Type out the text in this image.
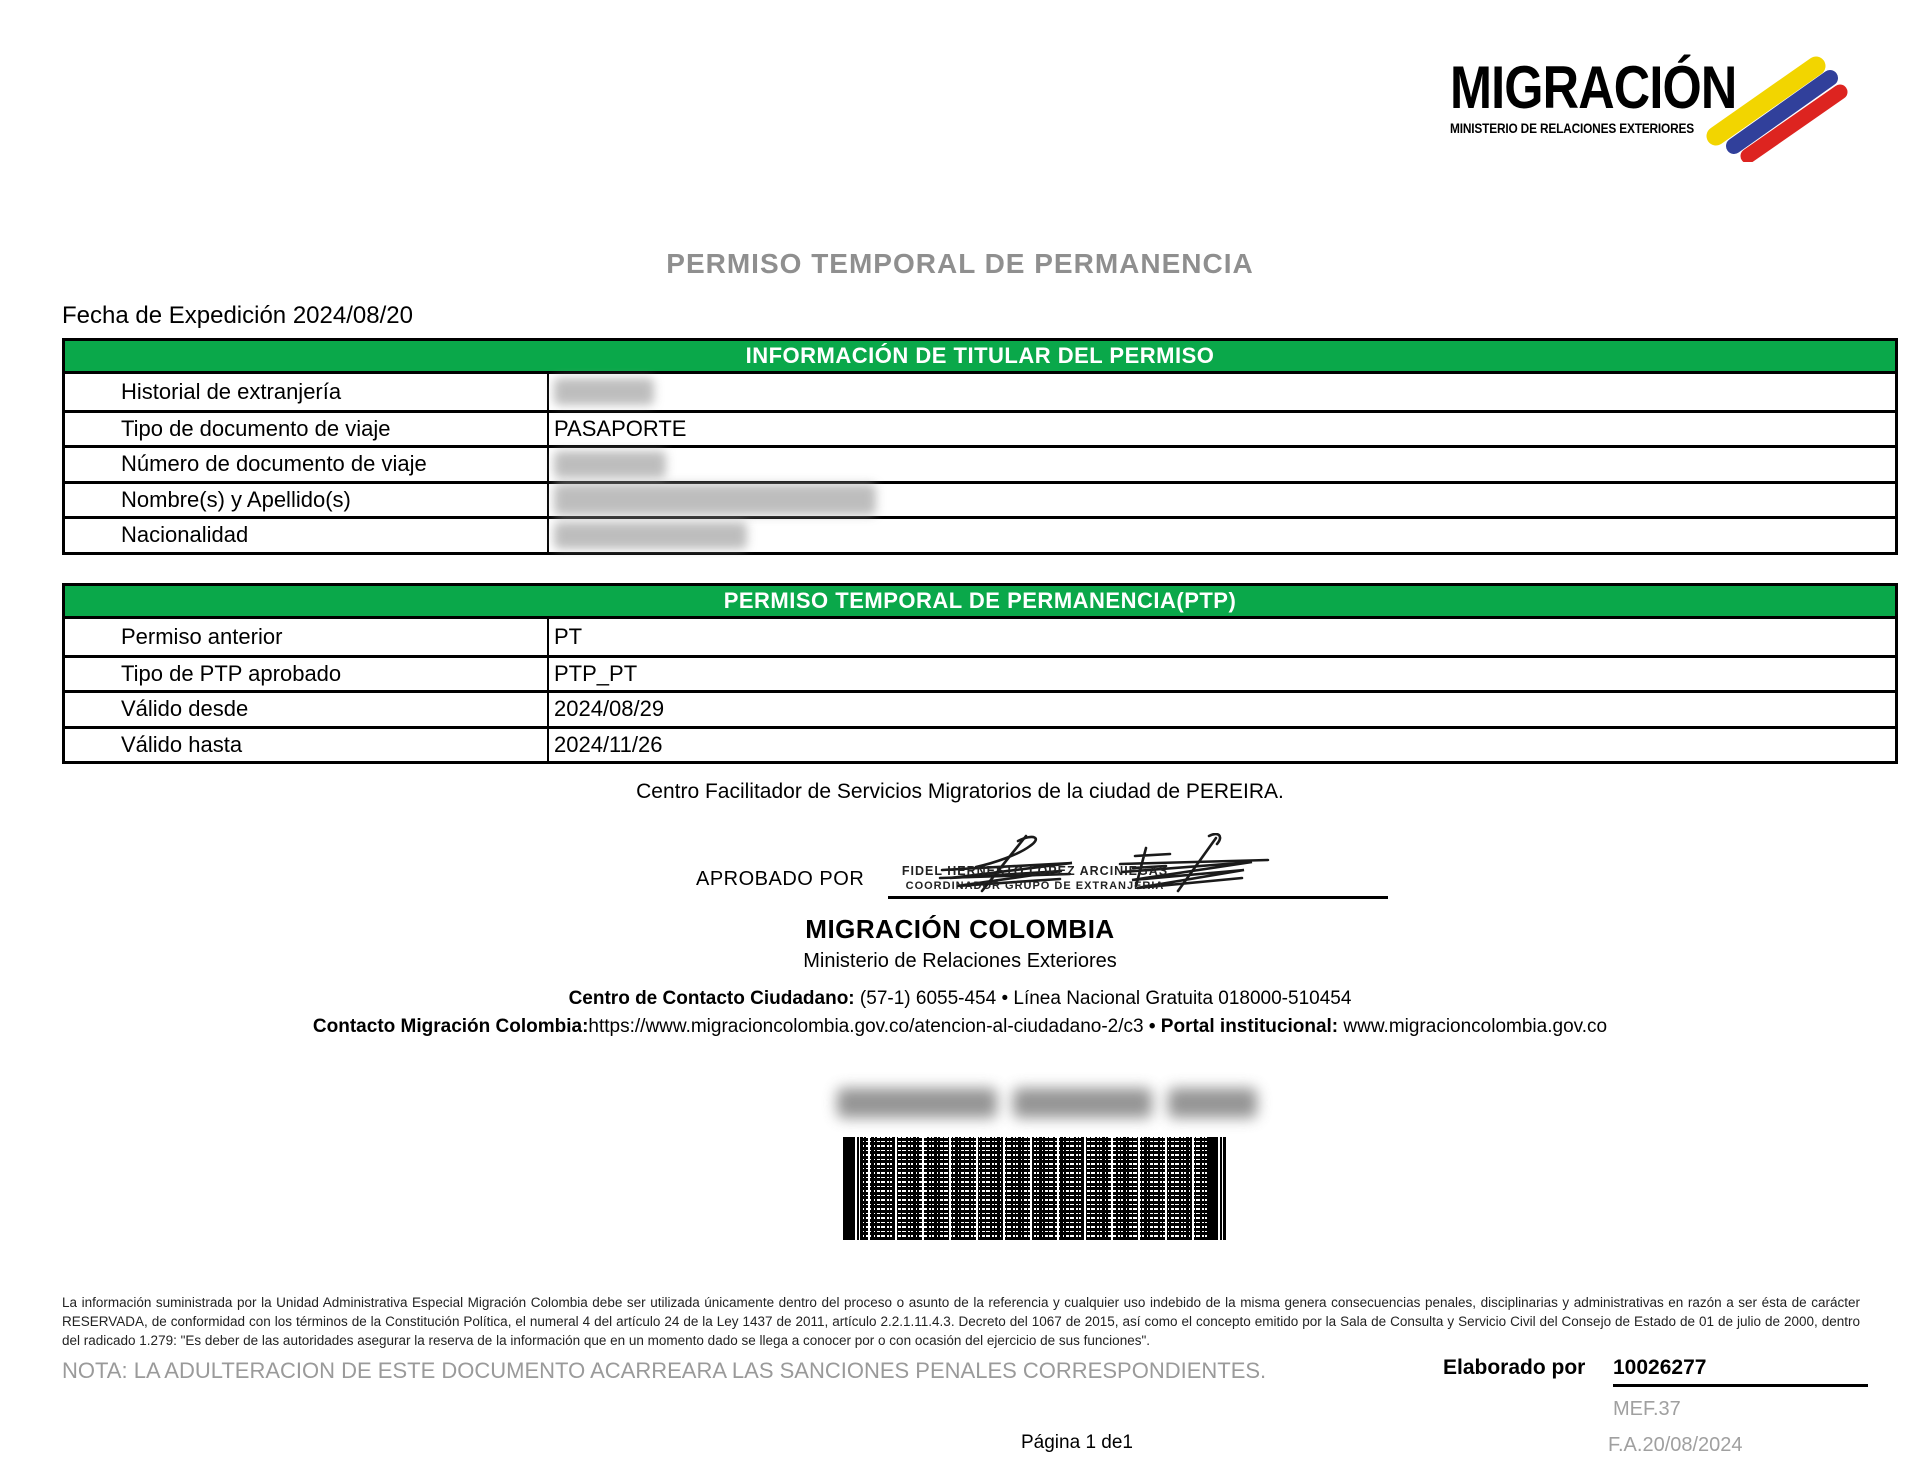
MIGRACIÓN
MINISTERIO DE RELACIONES EXTERIORES
PERMISO TEMPORAL DE PERMANENCIA
Fecha de Expedición 2024/08/20
INFORMACIÓN DE TITULAR DEL PERMISO
Historial de extranjería
Tipo de documento de viaje	PASAPORTE
Número de documento de viaje
Nombre(s) y Apellido(s)
Nacionalidad
PERMISO TEMPORAL DE PERMANENCIA(PTP)
Permiso anterior	PT
Tipo de PTP aprobado	PTP_PT
Válido desde	2024/08/29
Válido hasta	2024/11/26
Centro Facilitador de Servicios Migratorios de la ciudad de PEREIRA.
APROBADO POR	FIDEL HERNESTO LOPEZ ARCINIEGAS
COORDINADOR GRUPO DE EXTRANJERIA
MIGRACIÓN COLOMBIA
Ministerio de Relaciones Exteriores
Centro de Contacto Ciudadano: (57-1) 6055-454 • Línea Nacional Gratuita 018000-510454
Contacto Migración Colombia:https://www.migracioncolombia.gov.co/atencion-al-ciudadano-2/c3 • Portal institucional: www.migracioncolombia.gov.co
La información suministrada por la Unidad Administrativa Especial Migración Colombia debe ser utilizada únicamente dentro del proceso o asunto de la referencia y cualquier uso indebido de la misma genera consecuencias penales, disciplinarias y administrativas en razón a ser ésta de carácter RESERVADA, de conformidad con los términos de la Constitución Política, el numeral 4 del artículo 24 de la Ley 1437 de 2011, artículo 2.2.1.11.4.3. Decreto del 1067 de 2015, así como el concepto emitido por la Sala de Consulta y Servicio Civil del Consejo de Estado de 01 de julio de 2000, dentro del radicado 1.279: "Es deber de las autoridades asegurar la reserva de la información que en un momento dado se llega a conocer por o con ocasión del ejercicio de sus funciones".
NOTA: LA ADULTERACION DE ESTE DOCUMENTO ACARREARA LAS SANCIONES PENALES CORRESPONDIENTES.	Elaborado por 10026277
MEF.37
F.A.20/08/2024
Página 1 de1
